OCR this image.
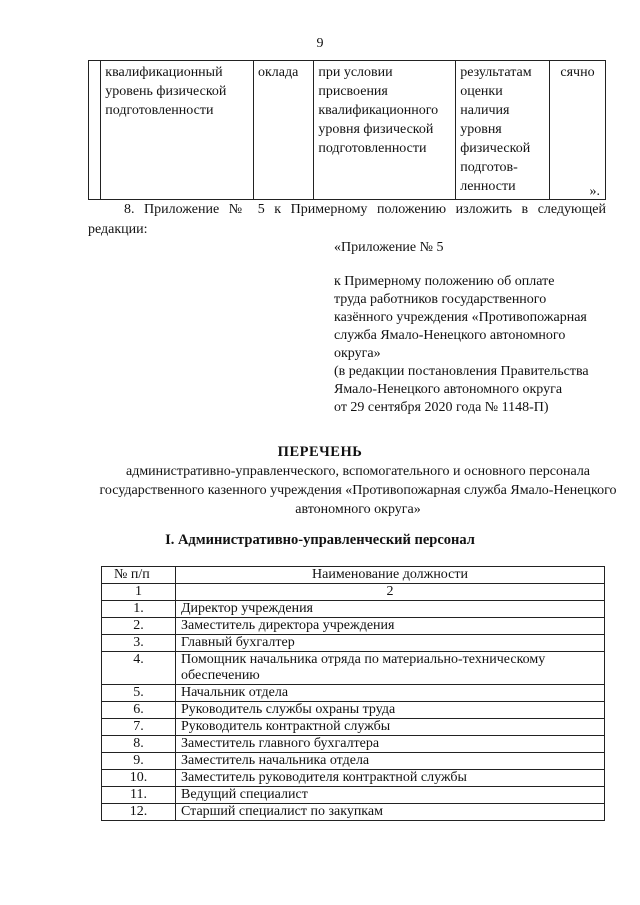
9
	квалификационный уровень физической подготовленности	оклада	при условии присвоения квалификационного уровня физической подготовленности	результатам оценки наличия уровня физической подготов-ленности	сячно
».
8. Приложение № 5 к Примерному положению изложить в следующей редакции:
«Приложение № 5
к Примерному положению об оплате
труда работников государственного
казённого учреждения «Противопожарная
служба Ямало-Ненецкого автономного
округа»
(в редакции постановления Правительства
Ямало-Ненецкого автономного округа
от 29 сентября 2020 года № 1148-П)
ПЕРЕЧЕНЬ
административно-управленческого, вспомогательного и основного персонала государственного казенного учреждения «Противопожарная служба Ямало-Ненецкого автономного округа»
I. Административно-управленческий персонал
№ п/п	Наименование должности
1	2
1.	Директор учреждения
2.	Заместитель директора учреждения
3.	Главный бухгалтер
4.	Помощник начальника отряда по материально-техническому обеспечению
5.	Начальник отдела
6.	Руководитель службы охраны труда
7.	Руководитель контрактной службы
8.	Заместитель главного бухгалтера
9.	Заместитель начальника отдела
10.	Заместитель руководителя контрактной службы
11.	Ведущий специалист
12.	Старший специалист по закупкам
